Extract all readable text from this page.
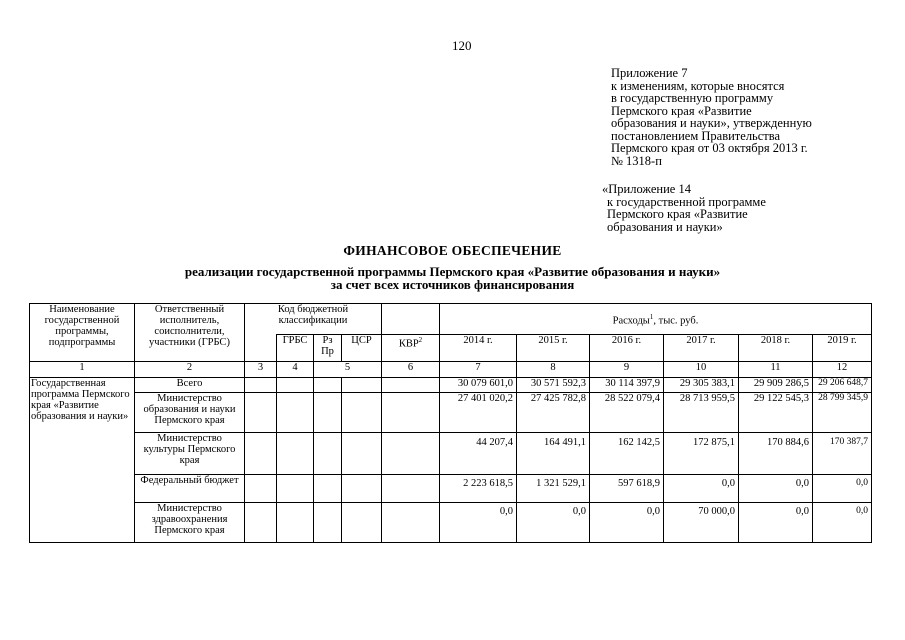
120
Приложение 7
к изменениям, которые вносятся
в государственную программу
Пермского края «Развитие
образования и науки», утвержденную
постановлением Правительства
Пермского края от 03 октября 2013 г.
№ 1318-п
«Приложение 14
к государственной программе
Пермского края «Развитие
образования и науки»
ФИНАНСОВОЕ ОБЕСПЕЧЕНИЕ
реализации государственной программы Пермского края «Развитие образования и науки»
за счет всех источников финансирования
Наименование государственной программы, подпрограммы	Ответственный исполнитель, соисполнители, участники (ГРБС)	Код бюджетной классификации					Расходы$^1$, тыс. руб.					
			ГРБС	Рз Пр	ЦСР	КВР$^2$	2014 г.	2015 г.	2016 г.	2017 г.	2018 г.	2019 г.
1	2	3	4	5		6	7	8	9	10	11	12
Государственная программа Пермского края «Развитие образования и науки»	Всего						30 079 601,0	30 571 592,3	30 114 397,9	29 305 383,1	29 909 286,5	29 206 648,7
	Министерство образования и науки Пермского края						27 401 020,2	27 425 782,8	28 522 079,4	28 713 959,5	29 122 545,3	28 799 345,9
	Министерство культуры Пермского края						44 207,4	164 491,1	162 142,5	172 875,1	170 884,6	170 387,7
	Федеральный бюджет						2 223 618,5	1 321 529,1	597 618,9	0,0	0,0	0,0
	Министерство здравоохранения Пермского края						0,0	0,0	0,0	70 000,0	0,0	0,0
